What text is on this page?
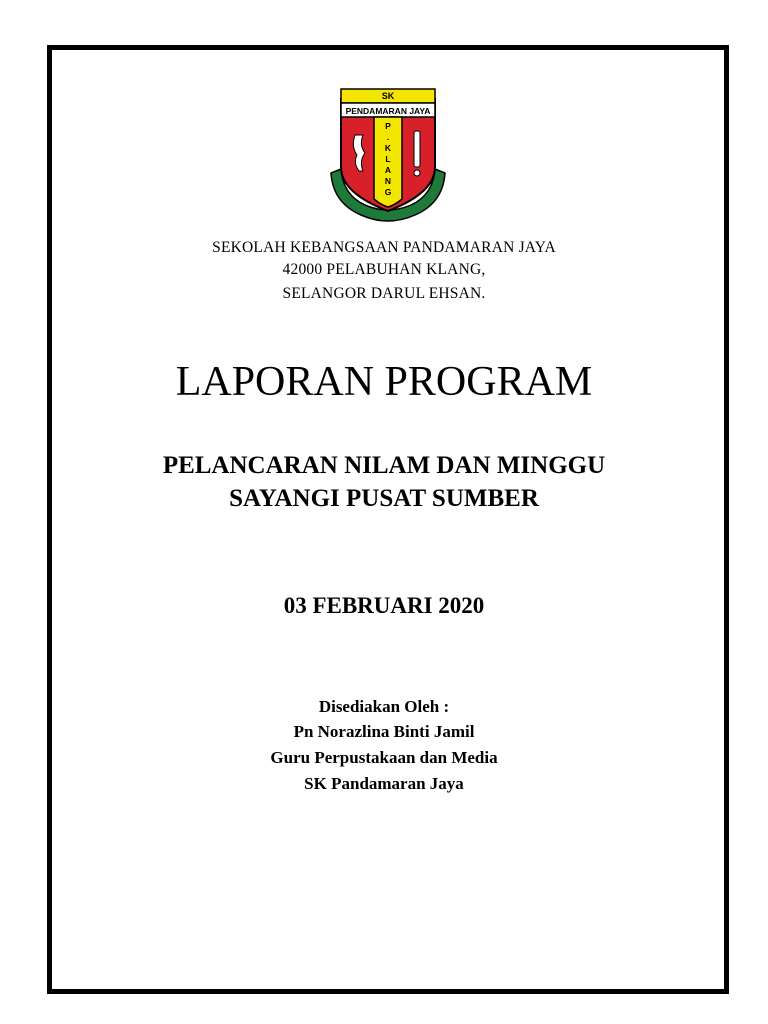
SK
PENDAMARAN JAYA
P
.
K
L
A
N
G
SEKOLAH KEBANGSAAN PANDAMARAN JAYA
42000 PELABUHAN KLANG,
SELANGOR DARUL EHSAN.
LAPORAN PROGRAM
PELANCARAN NILAM DAN MINGGU
SAYANGI PUSAT SUMBER
03 FEBRUARI 2020
Disediakan Oleh :
Pn Norazlina Binti Jamil
Guru Perpustakaan dan Media
SK Pandamaran Jaya
